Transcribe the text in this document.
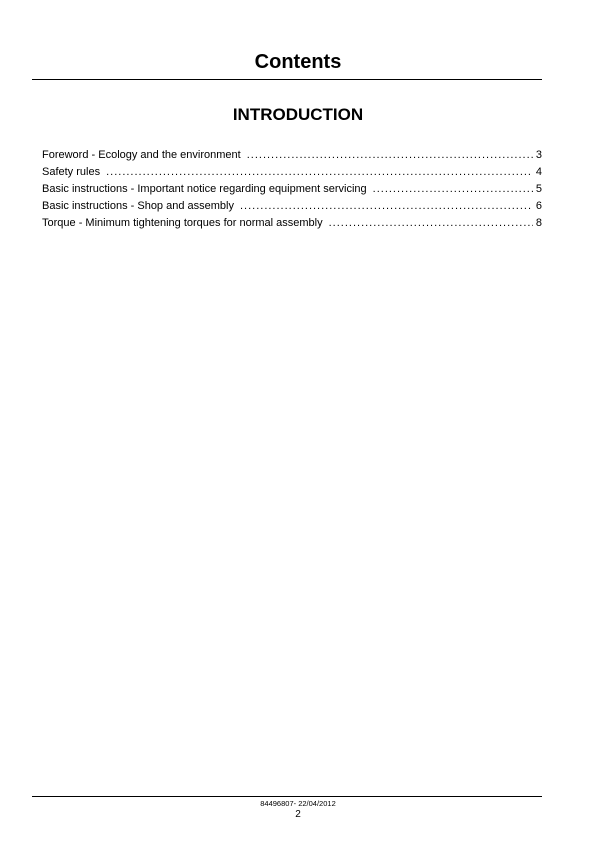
Contents
INTRODUCTION
Foreword - Ecology and the environment .....	3
Safety rules .....	4
Basic instructions - Important notice regarding equipment servicing .....	5
Basic instructions - Shop and assembly .....	6
Torque - Minimum tightening torques for normal assembly .....	8
84496807- 22/04/2012
2
